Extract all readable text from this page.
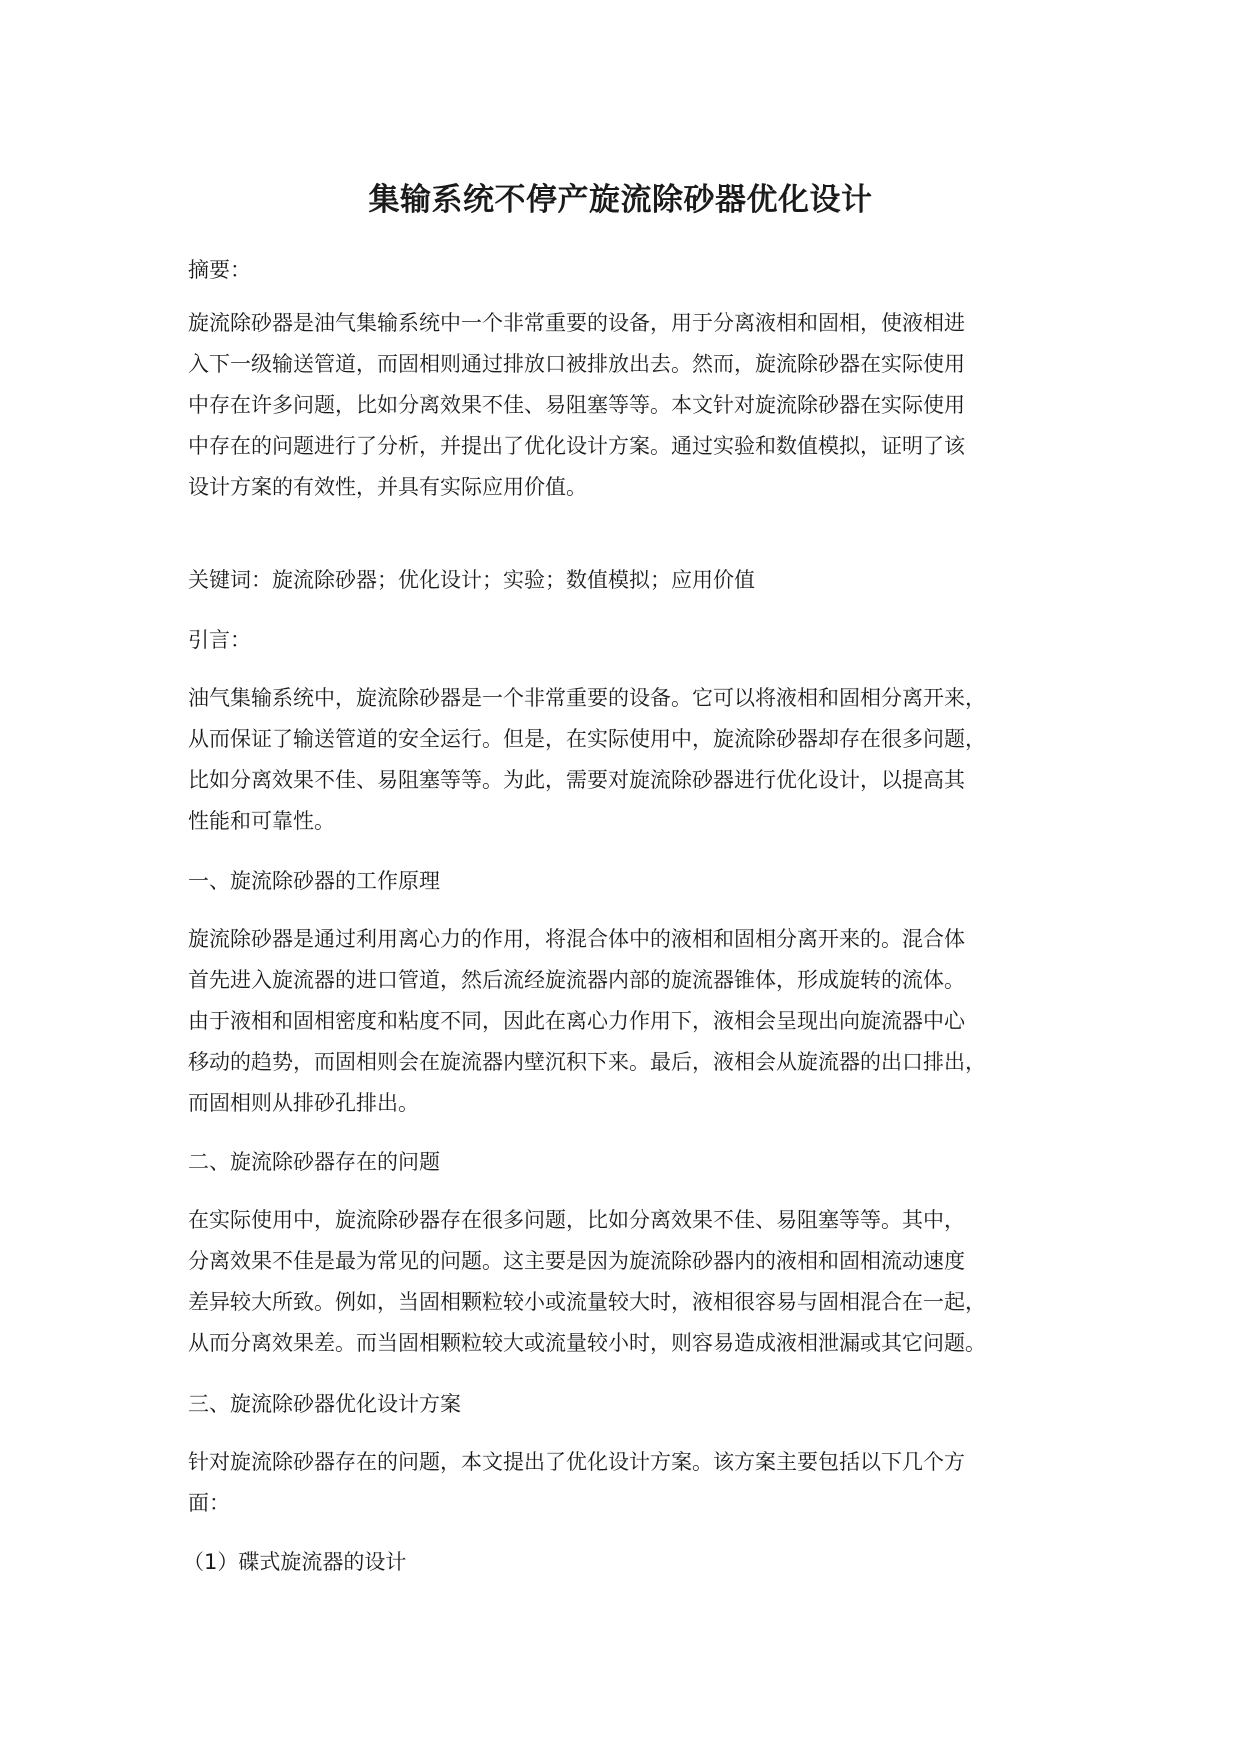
集输系统不停产旋流除砂器优化设计
摘要：
旋流除砂器是油气集输系统中一个非常重要的设备，用于分离液相和固相，使液相进
入下一级输送管道，而固相则通过排放口被排放出去。然而，旋流除砂器在实际使用
中存在许多问题，比如分离效果不佳、易阻塞等等。本文针对旋流除砂器在实际使用
中存在的问题进行了分析，并提出了优化设计方案。通过实验和数值模拟，证明了该
设计方案的有效性，并具有实际应用价值。
关键词：旋流除砂器；优化设计；实验；数值模拟；应用价值
引言：
油气集输系统中，旋流除砂器是一个非常重要的设备。它可以将液相和固相分离开来，
从而保证了输送管道的安全运行。但是，在实际使用中，旋流除砂器却存在很多问题，
比如分离效果不佳、易阻塞等等。为此，需要对旋流除砂器进行优化设计，以提高其
性能和可靠性。
一、旋流除砂器的工作原理
旋流除砂器是通过利用离心力的作用，将混合体中的液相和固相分离开来的。混合体
首先进入旋流器的进口管道，然后流经旋流器内部的旋流器锥体，形成旋转的流体。
由于液相和固相密度和粘度不同，因此在离心力作用下，液相会呈现出向旋流器中心
移动的趋势，而固相则会在旋流器内壁沉积下来。最后，液相会从旋流器的出口排出，
而固相则从排砂孔排出。
二、旋流除砂器存在的问题
在实际使用中，旋流除砂器存在很多问题，比如分离效果不佳、易阻塞等等。其中，
分离效果不佳是最为常见的问题。这主要是因为旋流除砂器内的液相和固相流动速度
差异较大所致。例如，当固相颗粒较小或流量较大时，液相很容易与固相混合在一起，
从而分离效果差。而当固相颗粒较大或流量较小时，则容易造成液相泄漏或其它问题。
三、旋流除砂器优化设计方案
针对旋流除砂器存在的问题，本文提出了优化设计方案。该方案主要包括以下几个方
面：
（1）碟式旋流器的设计
